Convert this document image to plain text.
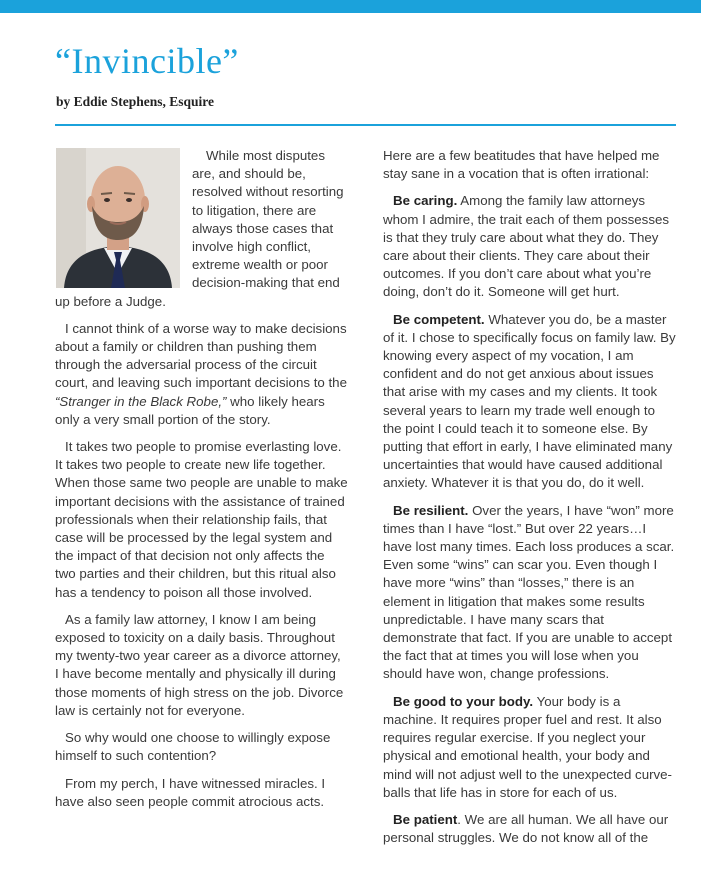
“Invincible”
by Eddie Stephens, Esquire

While most disputes are, and should be, resolved without resorting to litigation, there are always those cases that involve high conflict, extreme wealth or poor decision-making that end up before a Judge.

I cannot think of a worse way to make decisions about a family or children than pushing them through the adversarial process of the circuit court, and leaving such important decisions to the “Stranger in the Black Robe,” who likely hears only a very small portion of the story.

It takes two people to promise everlasting love. It takes two people to create new life together. When those same two people are unable to make important decisions with the assistance of trained professionals when their relationship fails, that case will be processed by the legal system and the impact of that decision not only affects the two parties and their children, but this ritual also has a tendency to poison all those involved.

As a family law attorney, I know I am being exposed to toxicity on a daily basis. Throughout my twenty-two year career as a divorce attorney, I have become mentally and physically ill during those moments of high stress on the job. Divorce law is certainly not for everyone.

So why would one choose to willingly expose himself to such contention?

From my perch, I have witnessed miracles. I have also seen people commit atrocious acts.

Here are a few beatitudes that have helped me stay sane in a vocation that is often irrational:

Be caring. Among the family law attorneys whom I admire, the trait each of them possesses is that they truly care about what they do. They care about their clients. They care about their outcomes. If you don’t care about what you’re doing, don’t do it. Someone will get hurt.

Be competent. Whatever you do, be a master of it. I chose to specifically focus on family law. By knowing every aspect of my vocation, I am confident and do not get anxious about issues that arise with my cases and my clients. It took several years to learn my trade well enough to the point I could teach it to someone else. By putting that effort in early, I have eliminated many uncertainties that would have caused additional anxiety. Whatever it is that you do, do it well.

Be resilient. Over the years, I have “won” more times than I have “lost.” But over 22 years…I have lost many times. Each loss produces a scar. Even some “wins” can scar you. Even though I have more “wins” than “losses,” there is an element in litigation that makes some results unpredictable. I have many scars that demonstrate that fact. If you are unable to accept the fact that at times you will lose when you should have won, change professions.

Be good to your body. Your body is a machine. It requires proper fuel and rest. It also requires regular exercise. If you neglect your physical and emotional health, your body and mind will not adjust well to the unexpected curve-balls that life has in store for each of us.

Be patient. We are all human. We all have our personal struggles. We do not know all of the
